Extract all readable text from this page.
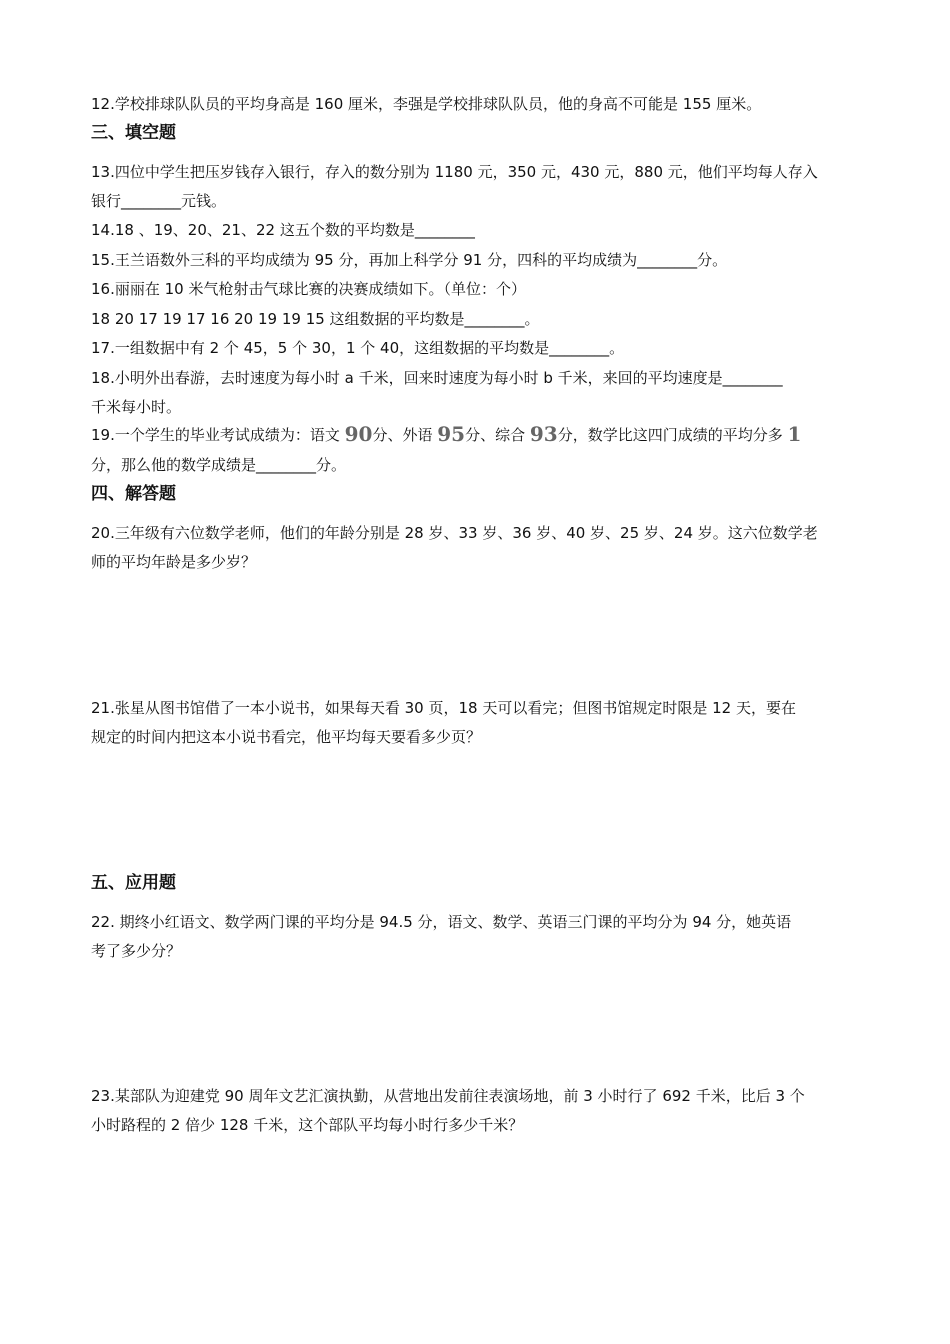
12.学校排球队队员的平均身高是 160 厘米，李强是学校排球队队员，他的身高不可能是 155 厘米。
三、填空题
13.四位中学生把压岁钱存入银行，存入的数分别为 1180 元，350 元，430 元，880 元，他们平均每人存入
银行________元钱。
14.18 、19、20、21、22 这五个数的平均数是________
15.王兰语数外三科的平均成绩为 95 分，再加上科学分 91 分，四科的平均成绩为________分。
16.丽丽在 10 米气枪射击气球比赛的决赛成绩如下。（单位：个）
18 20 17 19 17 16 20 19 19 15 这组数据的平均数是________。
17.一组数据中有 2 个 45，5 个 30，1 个 40，这组数据的平均数是________。
18.小明外出春游，去时速度为每小时 a 千米，回来时速度为每小时 b 千米，来回的平均速度是________
千米每小时。
19.一个学生的毕业考试成绩为：语文 90分、外语 95分、综合 93分，数学比这四门成绩的平均分多 1
分，那么他的数学成绩是________分。
四、解答题
20.三年级有六位数学老师，他们的年龄分别是 28 岁、33 岁、36 岁、40 岁、25 岁、24 岁。这六位数学老
师的平均年龄是多少岁？
21.张星从图书馆借了一本小说书，如果每天看 30 页，18 天可以看完；但图书馆规定时限是 12 天，要在
规定的时间内把这本小说书看完，他平均每天要看多少页？
五、应用题
22. 期终小红语文、数学两门课的平均分是 94.5 分，语文、数学、英语三门课的平均分为 94 分，她英语
考了多少分？
23.某部队为迎建党 90 周年文艺汇演执勤，从营地出发前往表演场地，前 3 小时行了 692 千米，比后 3 个
小时路程的 2 倍少 128 千米，这个部队平均每小时行多少千米？
